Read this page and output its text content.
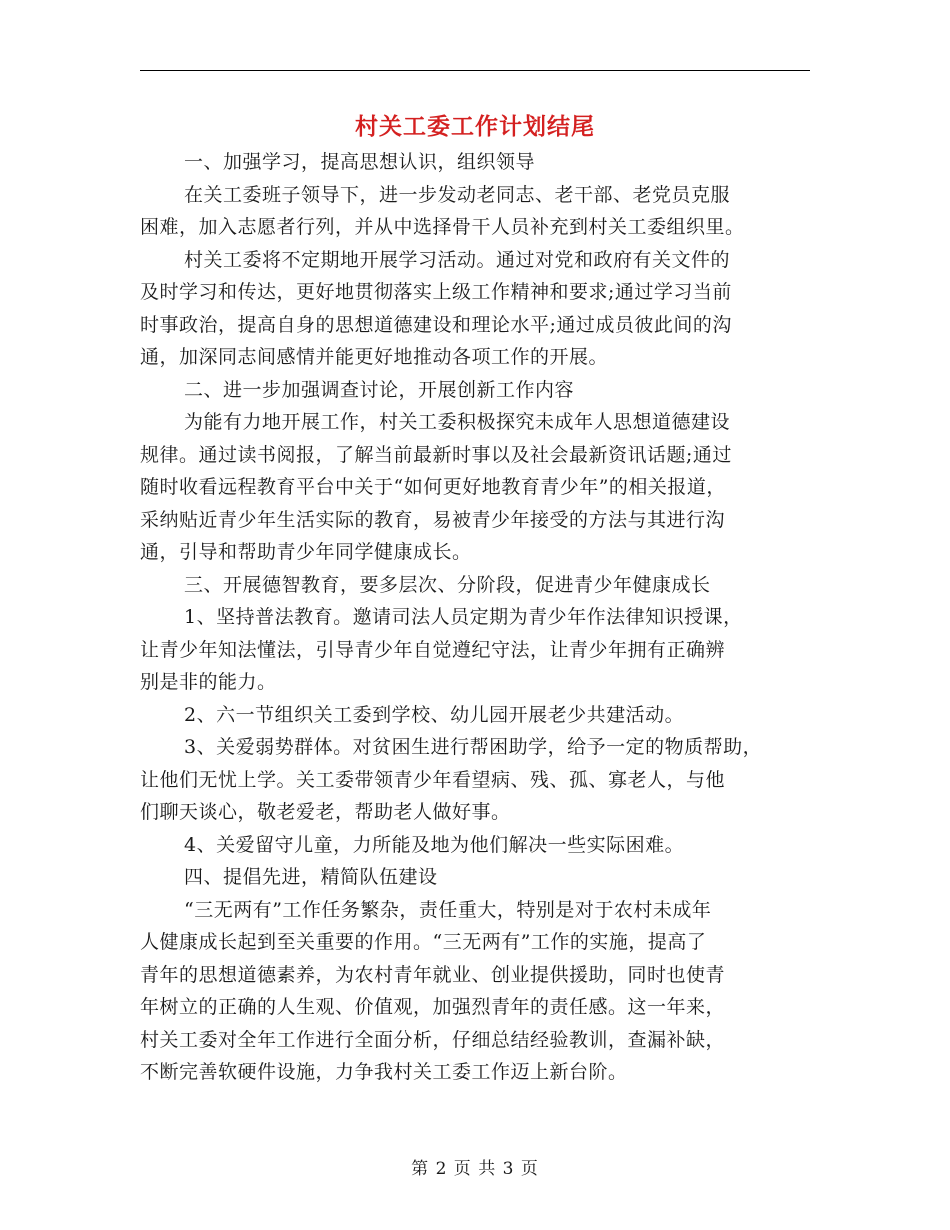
村关工委工作计划结尾
一、加强学习，提高思想认识，组织领导
在关工委班子领导下，进一步发动老同志、老干部、老党员克服
困难，加入志愿者行列，并从中选择骨干人员补充到村关工委组织里。
村关工委将不定期地开展学习活动。通过对党和政府有关文件的
及时学习和传达，更好地贯彻落实上级工作精神和要求;通过学习当前
时事政治，提高自身的思想道德建设和理论水平;通过成员彼此间的沟
通，加深同志间感情并能更好地推动各项工作的开展。
二、进一步加强调查讨论，开展创新工作内容
为能有力地开展工作，村关工委积极探究未成年人思想道德建设
规律。通过读书阅报，了解当前最新时事以及社会最新资讯话题;通过
随时收看远程教育平台中关于“如何更好地教育青少年”的相关报道，
采纳贴近青少年生活实际的教育，易被青少年接受的方法与其进行沟
通，引导和帮助青少年同学健康成长。
三、开展德智教育，要多层次、分阶段，促进青少年健康成长
1、坚持普法教育。邀请司法人员定期为青少年作法律知识授课，
让青少年知法懂法，引导青少年自觉遵纪守法，让青少年拥有正确辨
别是非的能力。
2、六一节组织关工委到学校、幼儿园开展老少共建活动。
3、关爱弱势群体。对贫困生进行帮困助学，给予一定的物质帮助，
让他们无忧上学。关工委带领青少年看望病、残、孤、寡老人，与他
们聊天谈心，敬老爱老，帮助老人做好事。
4、关爱留守儿童，力所能及地为他们解决一些实际困难。
四、提倡先进，精简队伍建设
“三无两有”工作任务繁杂，责任重大，特别是对于农村未成年
人健康成长起到至关重要的作用。“三无两有”工作的实施，提高了
青年的思想道德素养，为农村青年就业、创业提供援助，同时也使青
年树立的正确的人生观、价值观，加强烈青年的责任感。这一年来，
村关工委对全年工作进行全面分析，仔细总结经验教训，查漏补缺，
不断完善软硬件设施，力争我村关工委工作迈上新台阶。
第 2 页 共 3 页
